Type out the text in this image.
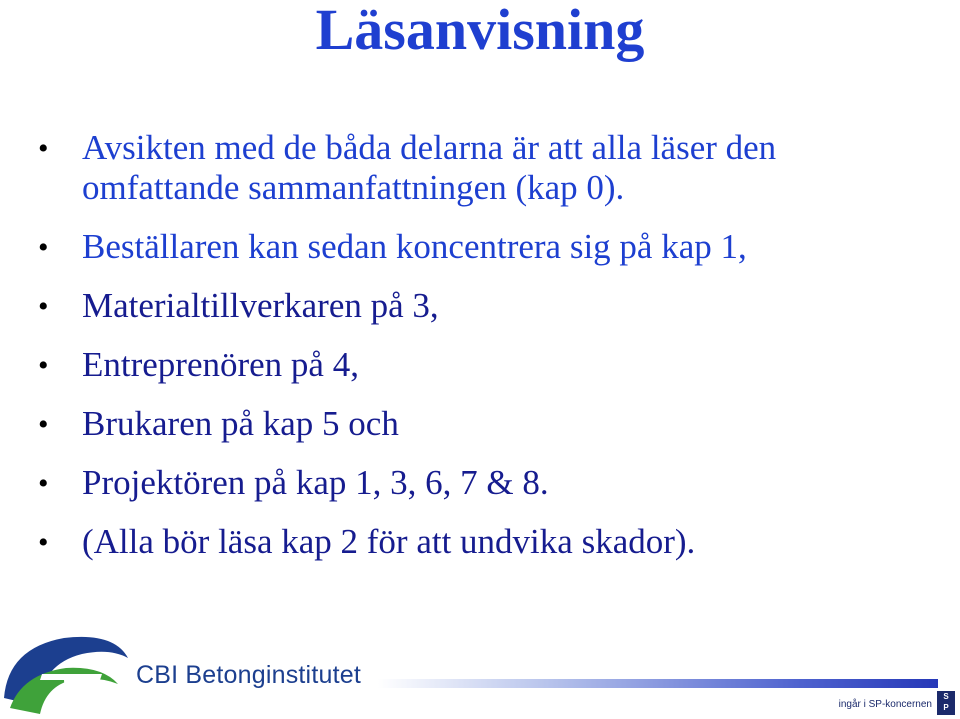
Läsanvisning
• Avsikten med de båda delarna är att alla läser den omfattande sammanfattningen (kap 0).
• Beställaren kan sedan koncentrera sig på kap 1,
• Materialtillverkaren på 3,
• Entreprenören på 4,
• Brukaren på kap 5 och
• Projektören på kap 1, 3, 6, 7 & 8.
• (Alla bör läsa kap 2 för att undvika skador).
CBI Betonginstitutet
ingår i SP-koncernen
S
P
